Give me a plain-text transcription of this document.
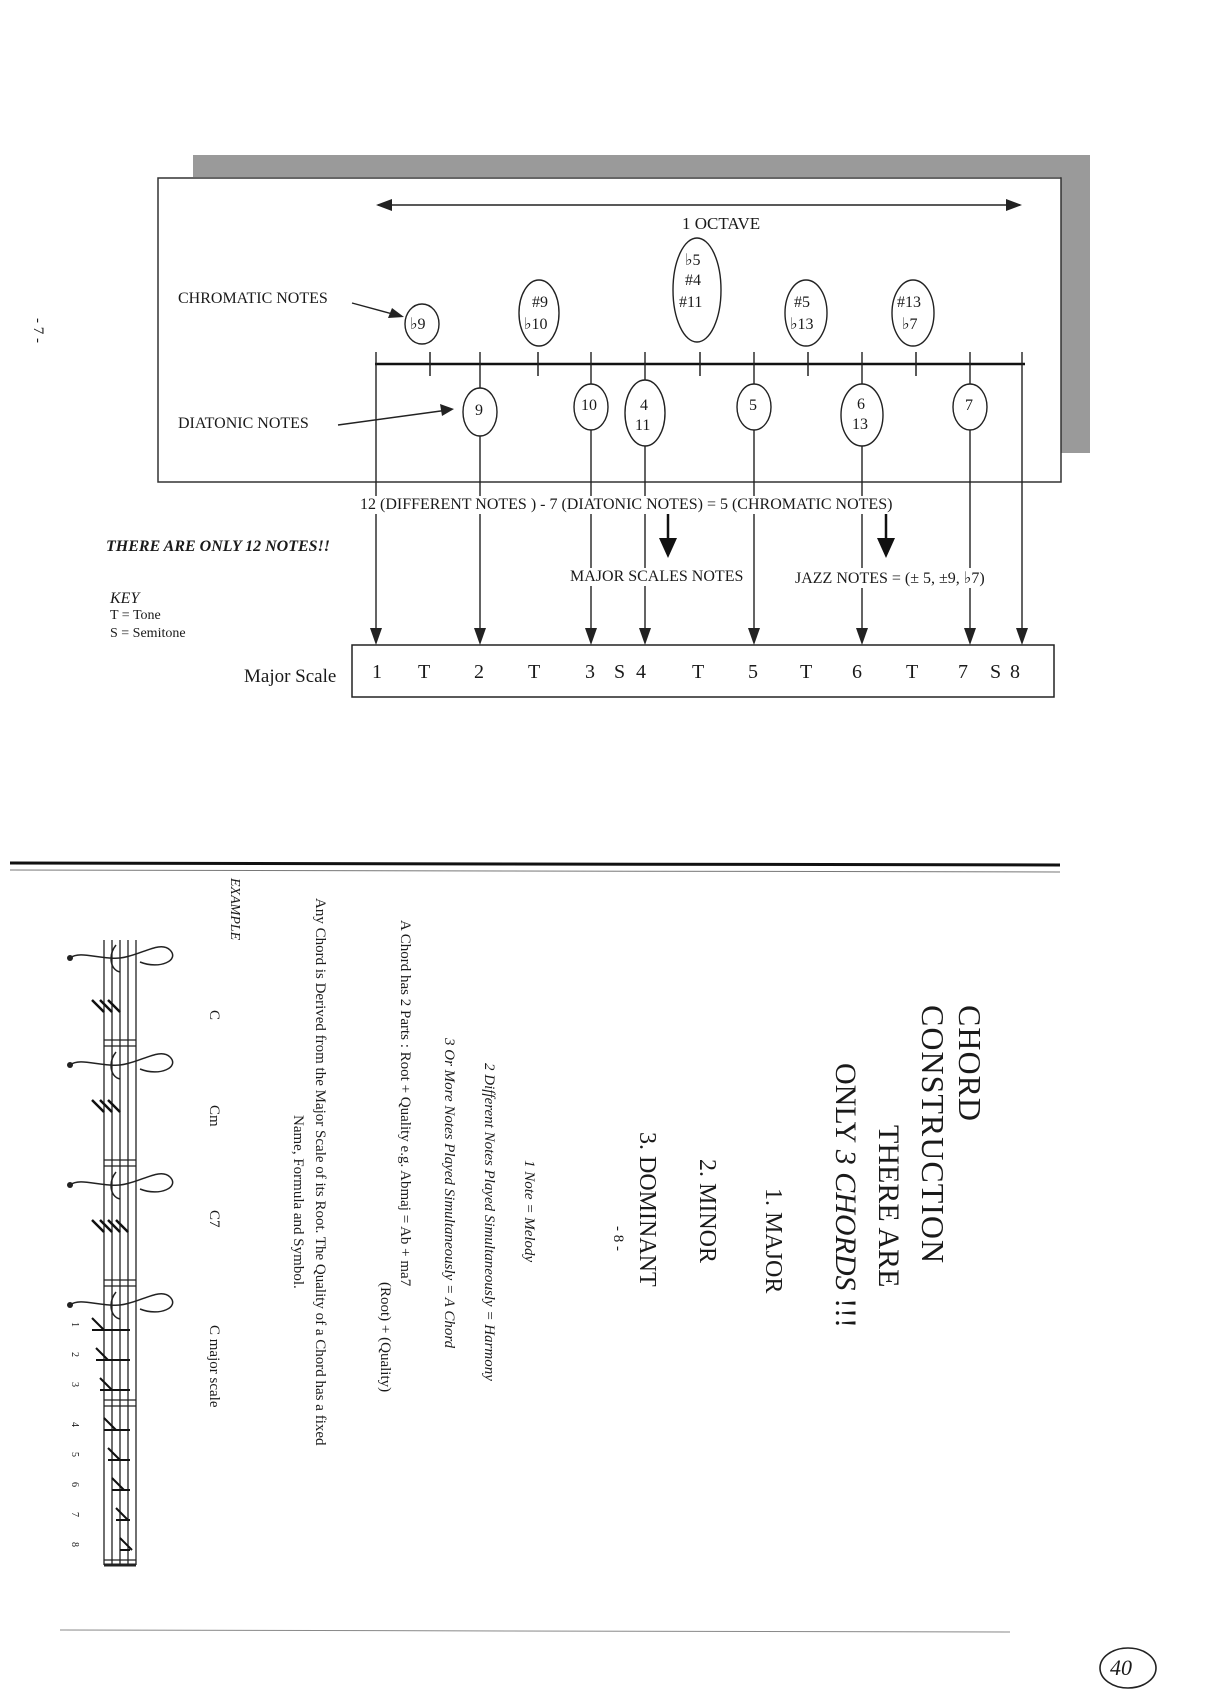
1 OCTAVE
CHROMATIC NOTES
DIATONIC NOTES
♭9
#9
♭10
♭5
#4
#11	#5
♭13
#13
♭7
9	10	4
11
5	6
13
7
12 (DIFFERENT NOTES ) - 7 (DIATONIC NOTES) = 5 (CHROMATIC NOTES)
THERE ARE ONLY 12 NOTES!!
MAJOR SCALES NOTES	JAZZ NOTES = (± 5, ±9, ♭7)
KEY
T = Tone
S = Semitone
Major Scale 1 T 2 T 3 S 4 T 5 T 6 T 7 S 8
- 7 -
CHORD CONSTRUCTION
THERE ARE
ONLY 3 CHORDS !!!
1. MAJOR
2. MINOR
3. DOMINANT
1 Note = Melody
2 Different Notes Played Simultaneously = Harmony
3 Or More Notes Played Simultaneously = A Chord
A Chord has 2 Parts : Root + Quality e.g. Abmaj = Ab + ma7
(Root) + (Quality)
Any Chord is Derived from the Major Scale of its Root. The Quality of a Chord has a fixed
Name, Formula and Symbol.
EXAMPLE
C
Cm
C7
C major scale
1
2
3
4
5
6
7
8
- 8 -
40
